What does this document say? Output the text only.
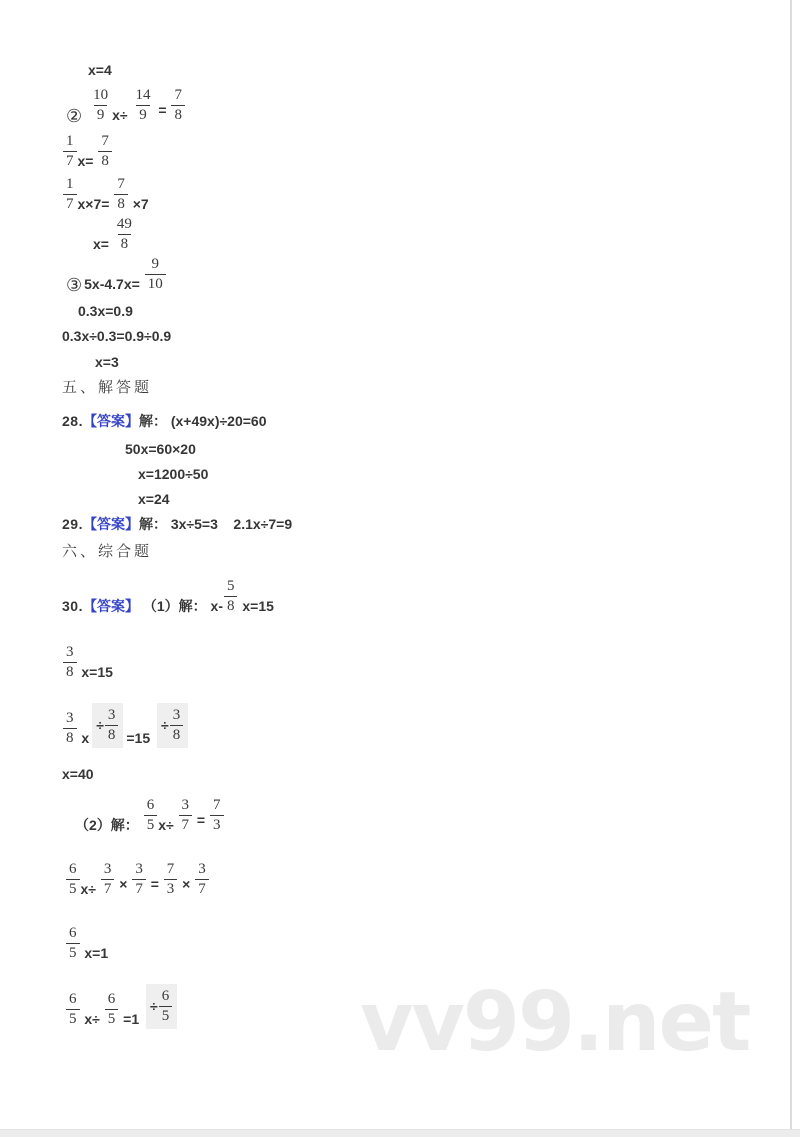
x=4
② $\frac{10}{9} x\div \frac{14}{9} = \frac{7}{8}$
$\frac{1}{7} x= \frac{7}{8}$
$\frac{1}{7} x\times 7= \frac{7}{8} \times 7$
$x= \frac{49}{8}$
③ $5x-4.7x= \frac{9}{10}$
0.3x=0.9
0.3x÷0.3=0.9÷0.9
x=3
五、解答题
28. 【答案】 解： (x+49x)÷20=60
50x=60×20
x=1200÷50
x=24
29. 【答案】 解： 3x÷5=3    2.1x÷7=9
六、综合题
30. 【答案】 （1）解： $x- \frac{5}{8} x=15$
$\frac{3}{8} x=15$
$\frac{3}{8}$ x
÷ $\frac{3}{8} =15$
÷ $\frac{3}{8}$
x=40
（2）解： $\frac{6}{5} x\div \frac{3}{7} = \frac{7}{3}$
$\frac{6}{5} x\div \frac{3}{7} \times \frac{3}{7} = \frac{7}{3} \times \frac{3}{7}$
$\frac{6}{5} x=1$
$\frac{6}{5} x\div \frac{6}{5} =1$
÷ $\frac{6}{5} vv99.net$
